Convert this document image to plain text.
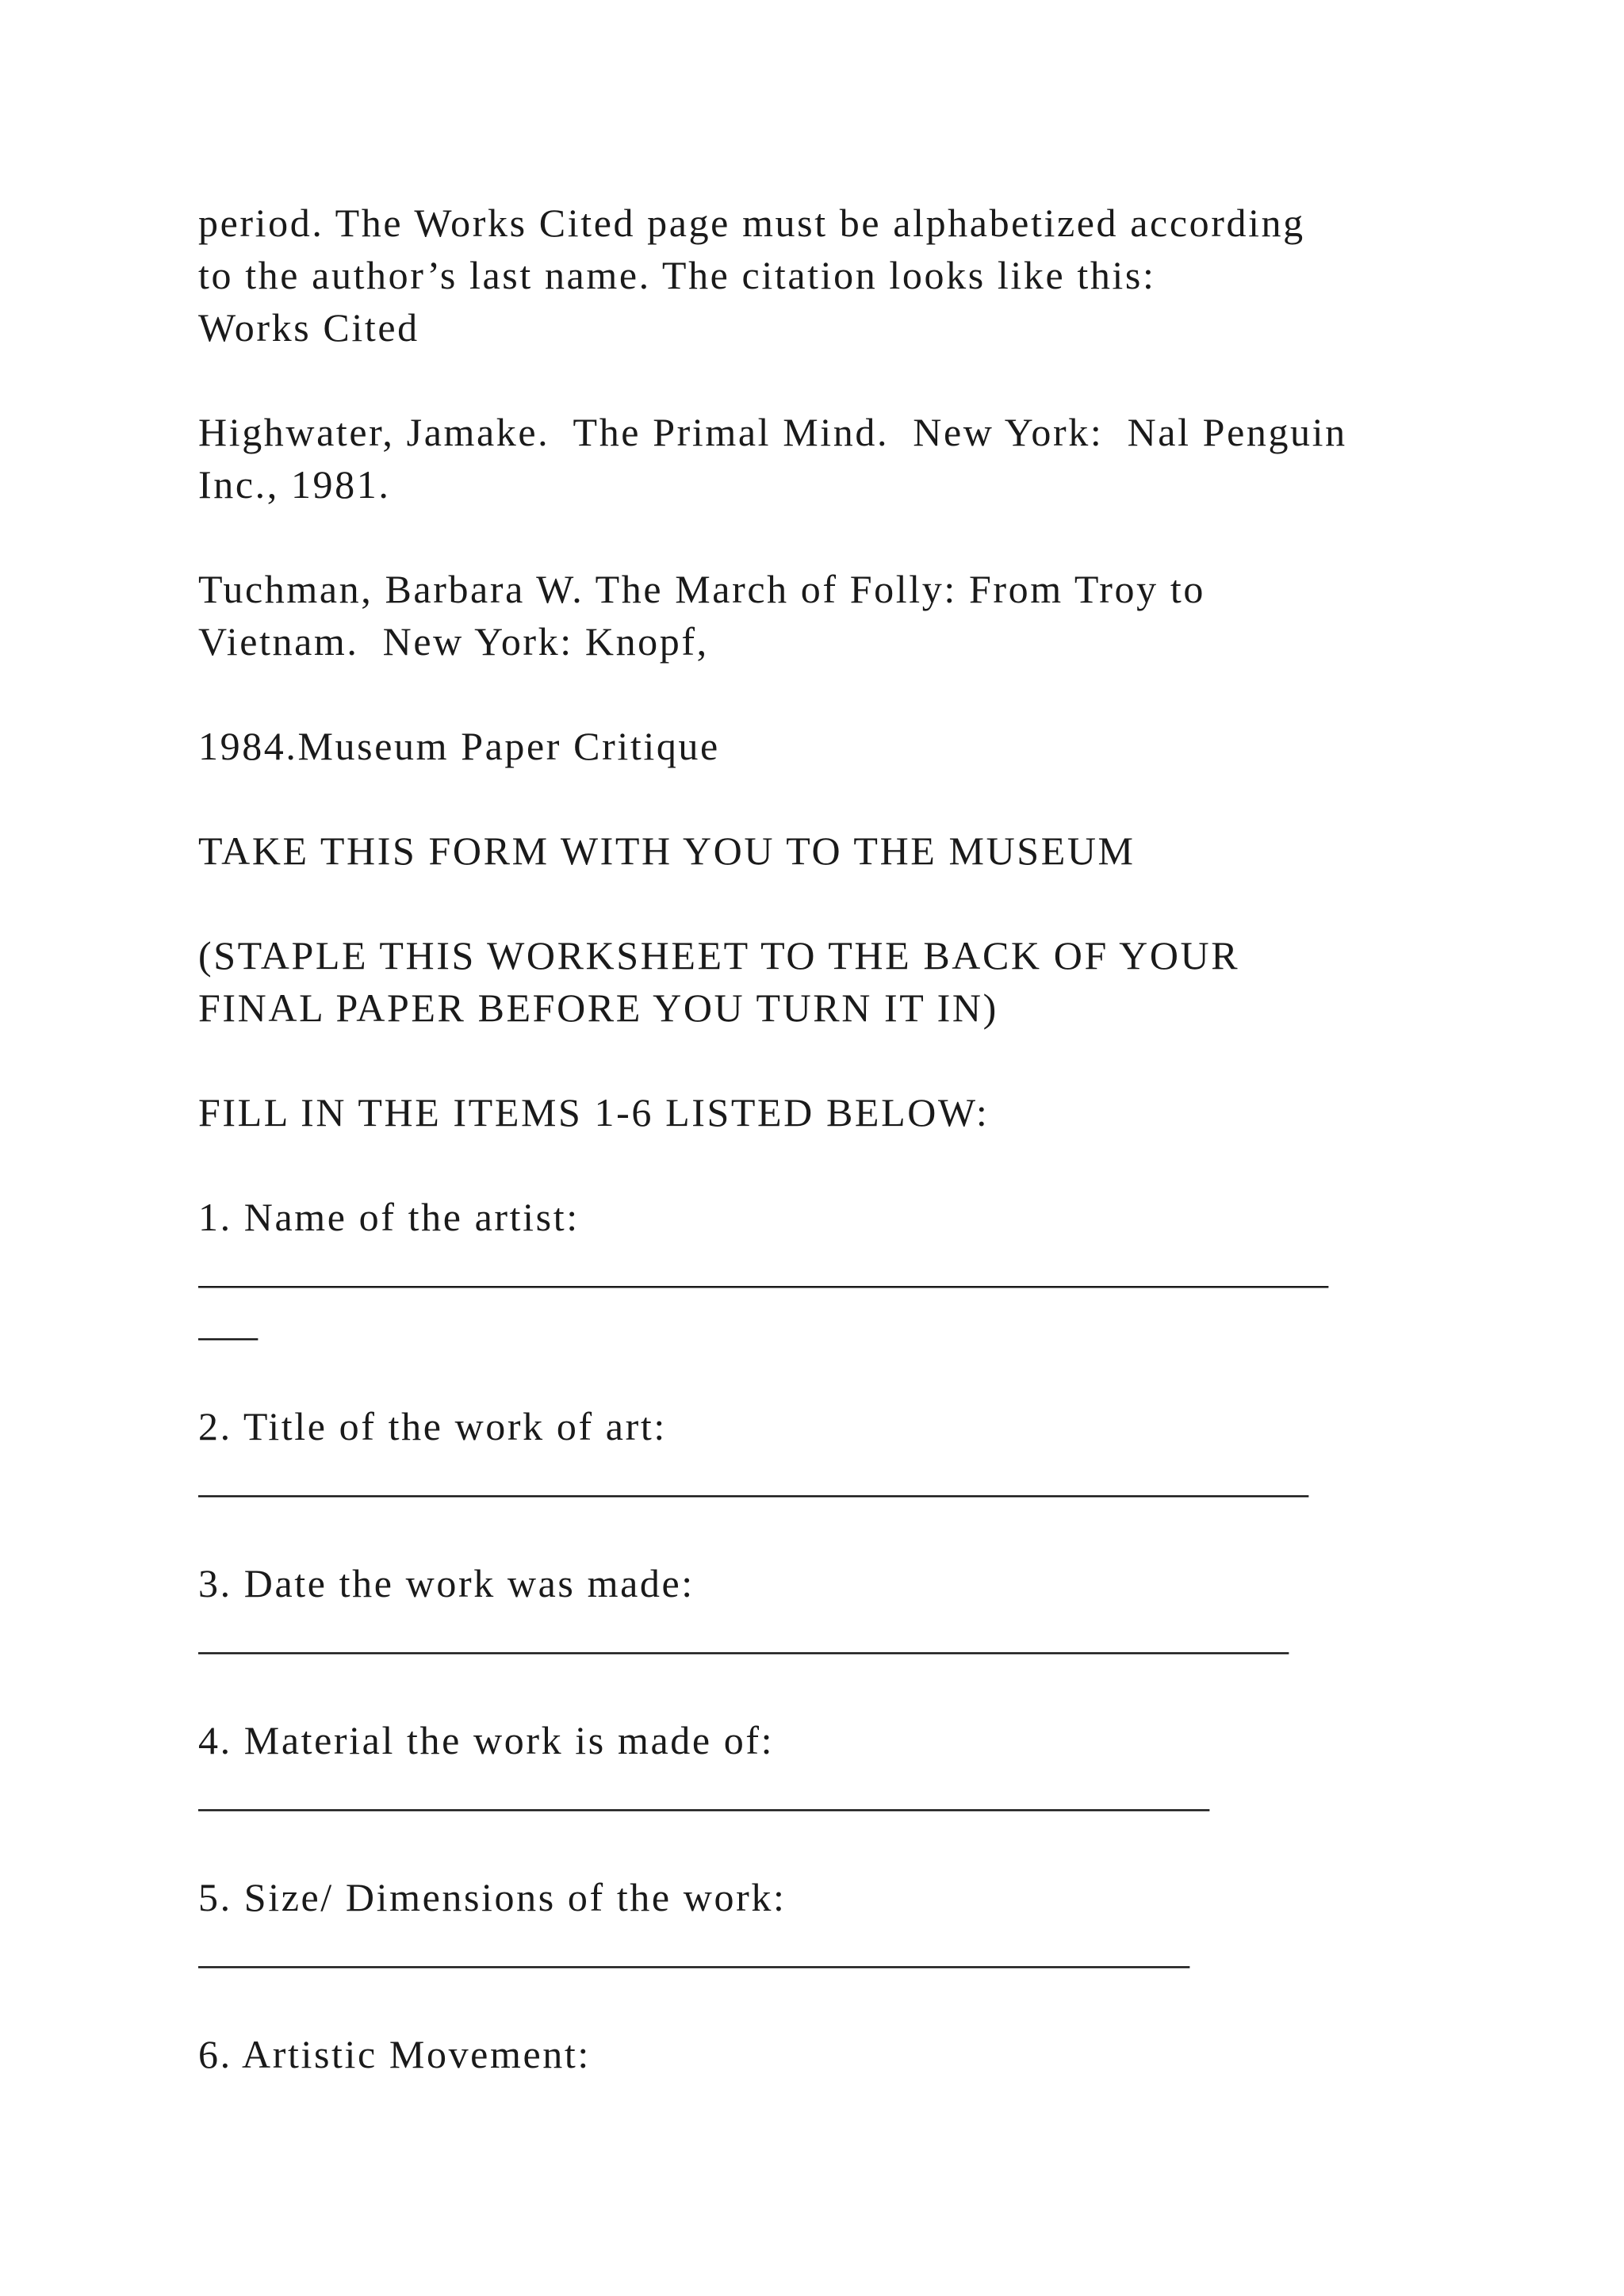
period. The Works Cited page must be alphabetized according
to the author’s last name. The citation looks like this:
Works Cited
Highwater, Jamake.  The Primal Mind.  New York:  Nal Penguin
Inc., 1981.
Tuchman, Barbara W. The March of Folly: From Troy to
Vietnam.  New York: Knopf,
1984.Museum Paper Critique
TAKE THIS FORM WITH YOU TO THE MUSEUM
(STAPLE THIS WORKSHEET TO THE BACK OF YOUR
FINAL PAPER BEFORE YOU TURN IT IN)
FILL IN THE ITEMS 1-6 LISTED BELOW:
1. Name of the artist:
_________________________________________________________
___
2. Title of the work of art:
________________________________________________________
3. Date the work was made:
_______________________________________________________
4. Material the work is made of:
___________________________________________________
5. Size/ Dimensions of the work:
__________________________________________________
6. Artistic Movement:
